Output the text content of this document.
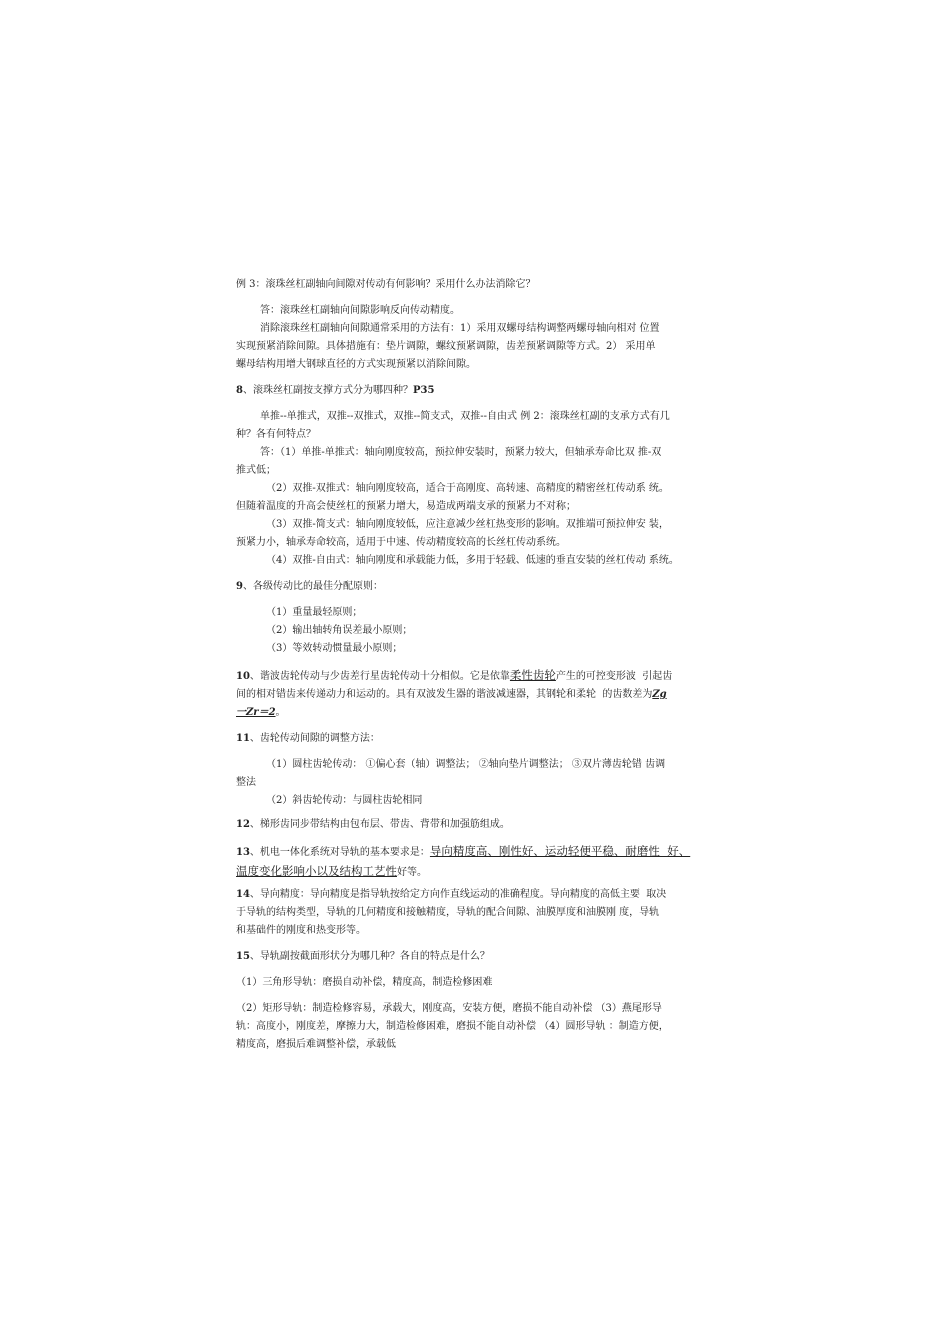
例 3：滚珠丝杠副轴向间隙对传动有何影响？采用什么办法消除它？
答：滚珠丝杠副轴向间隙影响反向传动精度。
消除滚珠丝杠副轴向间隙通常采用的方法有：1）采用双螺母结构调整两螺母轴向相对 位置
实现预紧消除间隙。具体措施有：垫片调隙，螺纹预紧调隙，齿差预紧调隙等方式。2） 采用单
螺母结构用增大钢球直径的方式实现预紧以消除间隙。
8、滚珠丝杠副按支撑方式分为哪四种？P35
单推--单推式，双推--双推式，双推--简支式，双推--自由式 例 2：滚珠丝杠副的支承方式有几
种？各有何特点？
答：（1）单推-单推式：轴向刚度较高，预拉伸安装时，预紧力较大，但轴承寿命比双 推-双
推式低；
（2）双推-双推式：轴向刚度较高，适合于高刚度、高转速、高精度的精密丝杠传动系 统。
但随着温度的升高会使丝杠的预紧力增大，易造成两端支承的预紧力不对称；
（3）双推-简支式：轴向刚度较低，应注意减少丝杠热变形的影响。双推端可预拉伸安 装，
预紧力小，轴承寿命较高，适用于中速、传动精度较高的长丝杠传动系统。
（4）双推-自由式：轴向刚度和承载能力低，多用于轻载、低速的垂直安装的丝杠传动 系统。
9、各级传动比的最佳分配原则：
（1）重量最轻原则；
（2）输出轴转角误差最小原则；
（3）等效转动惯量最小原则；
10、谐波齿轮传动与少齿差行星齿轮传动十分相似。它是依靠柔性齿轮产生的可控变形波  引起齿
间的相对错齿来传递动力和运动的。具有双波发生器的谐波减速器，其钢轮和柔轮  的齿数差为Zg
一Zr＝2。
11、齿轮传动间隙的调整方法：
（1）圆柱齿轮传动： ①偏心套（轴）调整法； ②轴向垫片调整法； ③双片薄齿轮错 齿调
整法
（2）斜齿轮传动：与圆柱齿轮相同
12、梯形齿同步带结构由包布层、带齿、背带和加强筋组成。
13、机电一体化系统对导轨的基本要求是：导向精度高、刚性好、运动轻便平稳、耐磨性  好、
温度变化影响小以及结构工艺性好等。
14、导向精度：导向精度是指导轨按给定方向作直线运动的准确程度。导向精度的高低主要  取决
于导轨的结构类型，导轨的几何精度和接触精度，导轨的配合间隙、油膜厚度和油膜刚 度，导轨
和基础件的刚度和热变形等。
15、导轨副按截面形状分为哪几种？各自的特点是什么？
（1）三角形导轨：磨损自动补偿，精度高，制造检修困难
（2）矩形导轨：制造检修容易，承载大，刚度高，安装方便，磨损不能自动补偿 （3）燕尾形导
轨：高度小，刚度差，摩擦力大，制造检修困难，磨损不能自动补偿 （4）圆形导轨 ：制造方便，
精度高，磨损后难调整补偿，承载低
